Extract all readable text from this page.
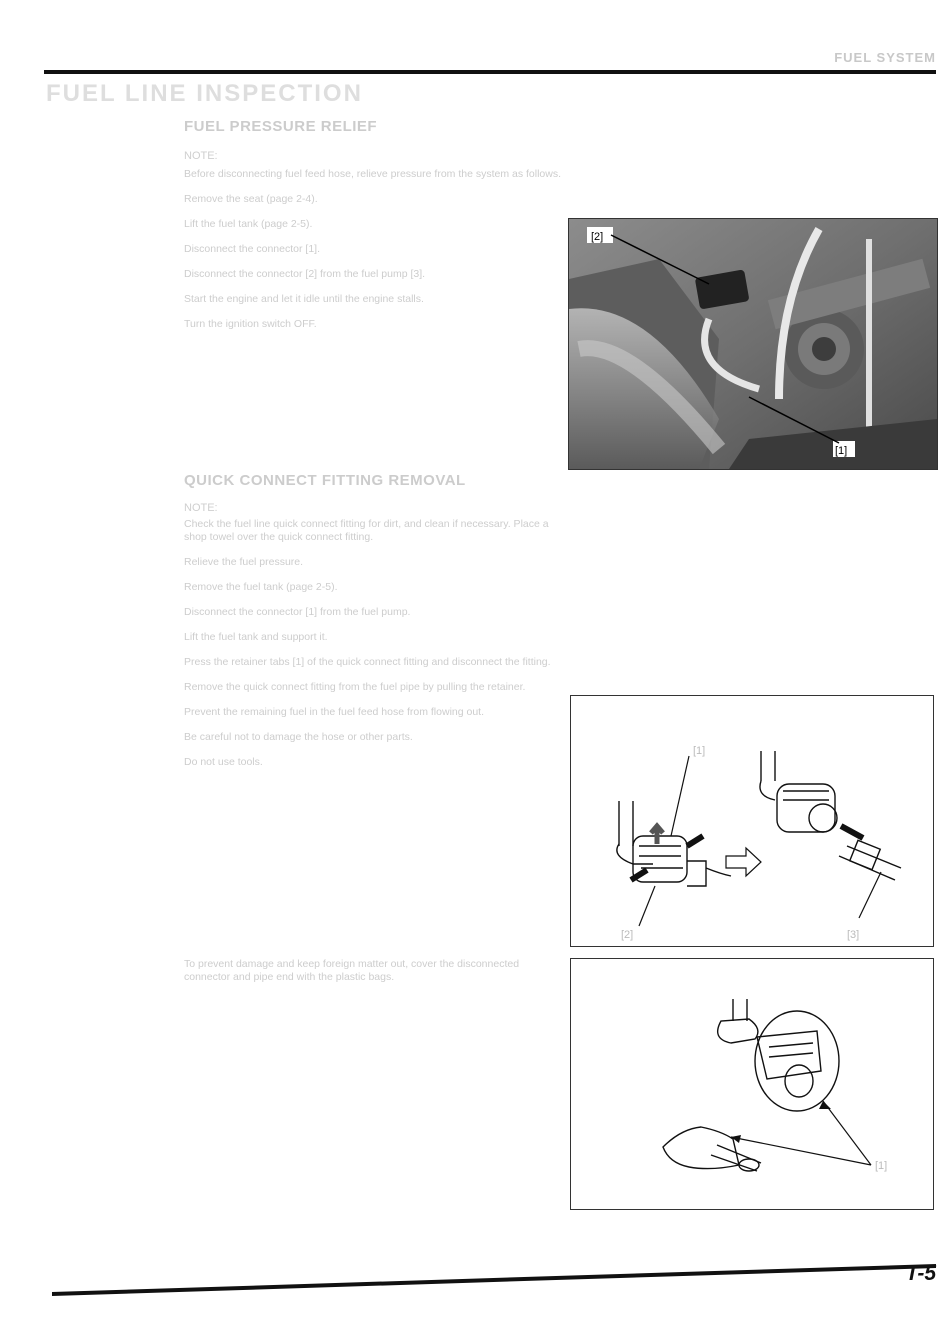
FUEL SYSTEM
FUEL LINE INSPECTION
FUEL PRESSURE RELIEF
NOTE:
Before disconnecting fuel feed hose, relieve pressure from the system as follows.
Remove the seat (page 2-4).
Lift the fuel tank (page 2-5).
Disconnect the connector [1].
Disconnect the connector [2] from the fuel pump [3].
Start the engine and let it idle until the engine stalls.
Turn the ignition switch OFF.
[2]
[1]
QUICK CONNECT FITTING REMOVAL
NOTE:
Check the fuel line quick connect fitting for dirt, and clean if necessary. Place a shop towel over the quick connect fitting.
Relieve the fuel pressure.
Remove the fuel tank (page 2-5).
Disconnect the connector [1] from the fuel pump.
Lift the fuel tank and support it.
Press the retainer tabs [1] of the quick connect fitting and disconnect the fitting.
Remove the quick connect fitting from the fuel pipe by pulling the retainer.
Prevent the remaining fuel in the fuel feed hose from flowing out.
Be careful not to damage the hose or other parts.
Do not use tools.
To prevent damage and keep foreign matter out, cover the disconnected connector and pipe end with the plastic bags.
[1]
[2]	[3]
[1]
T-5
